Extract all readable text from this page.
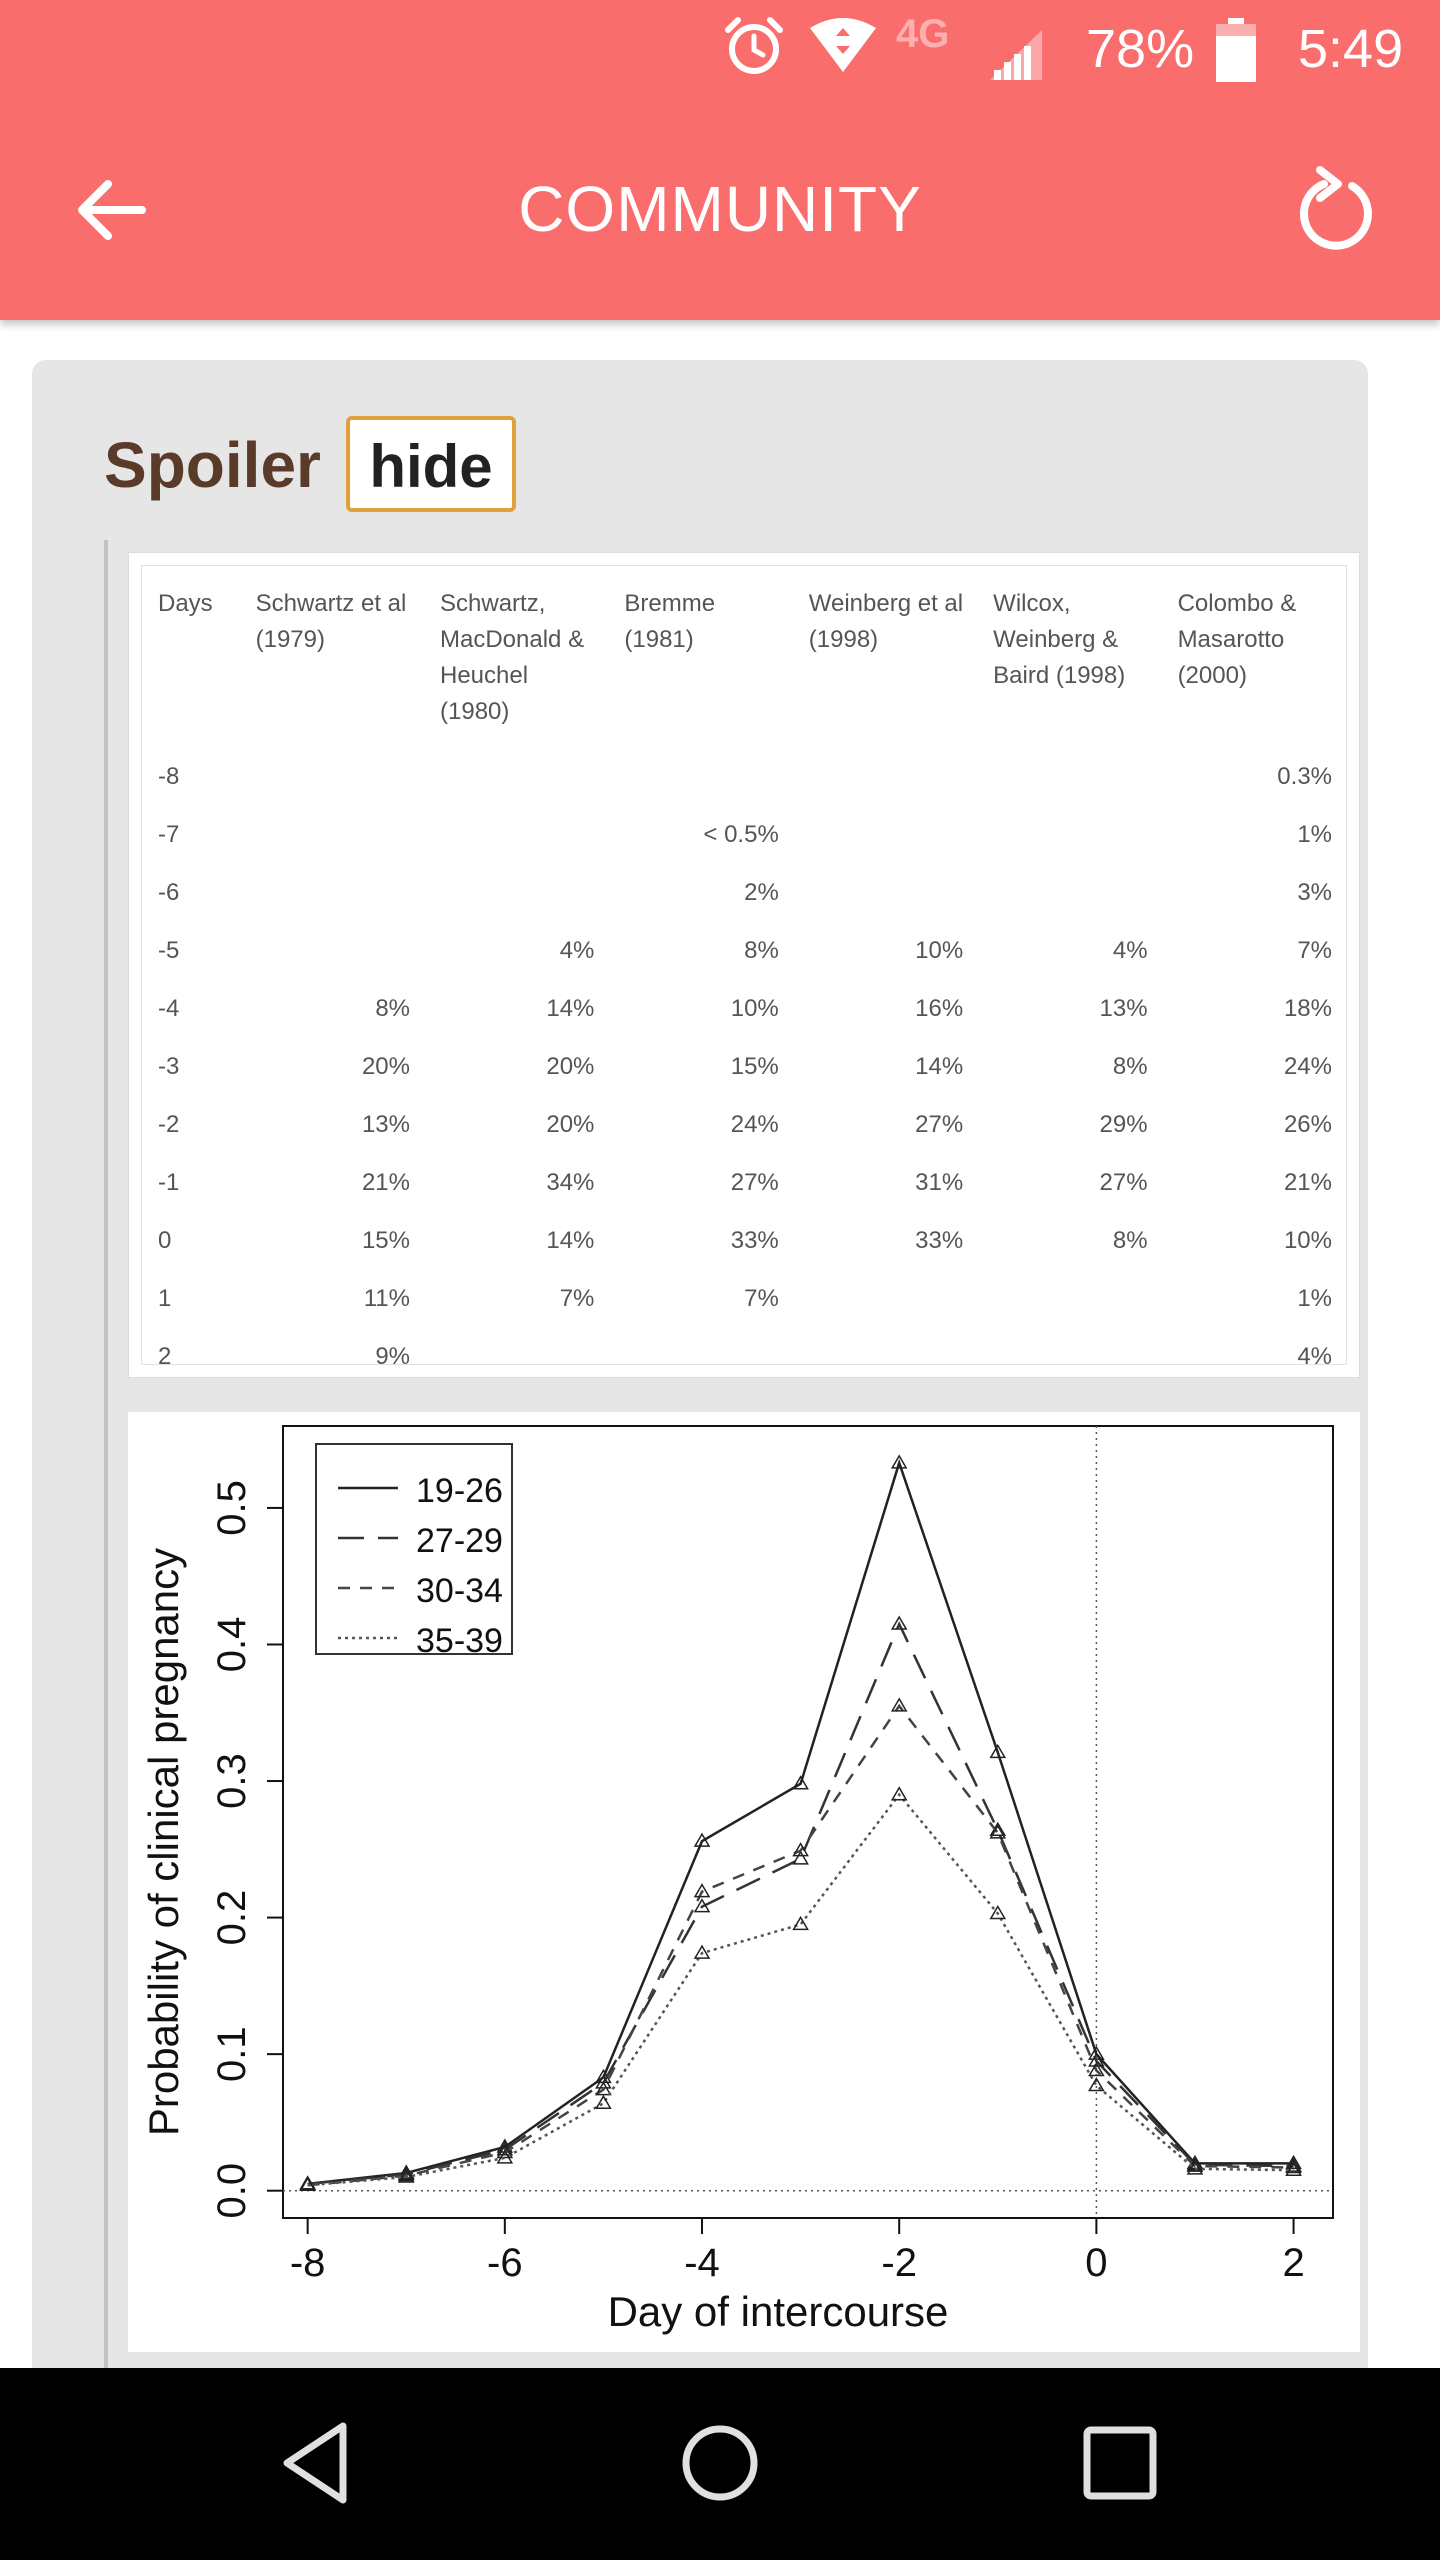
4G	78% 5:49
COMMUNITY
Spoiler hide
Days	Schwartz et al (1979)	Schwartz, MacDonald & Heuchel (1980)	Bremme (1981)	Weinberg et al (1998)	Wilcox, Weinberg & Baird (1998)	Colombo & Masarotto (2000)
-8						0.3%
-7			< 0.5%			1%
-6			2%			3%
-5		4%	8%	10%	4%	7%
-4	8%	14%	10%	16%	13%	18%
-3	20%	20%	15%	14%	8%	24%
-2	13%	20%	24%	27%	29%	26%
-1	21%	34%	27%	31%	27%	21%
0	15%	14%	33%	33%	8%	10%
1	11%	7%	7%			1%
2	9%					4%
-8	-6	-4	-2	0	2
0.0
0.1
0.2
0.3
0.4
0.5
Day of intercourse
Probability of clinical pregnancy
19-26
27-29
30-34
35-39
